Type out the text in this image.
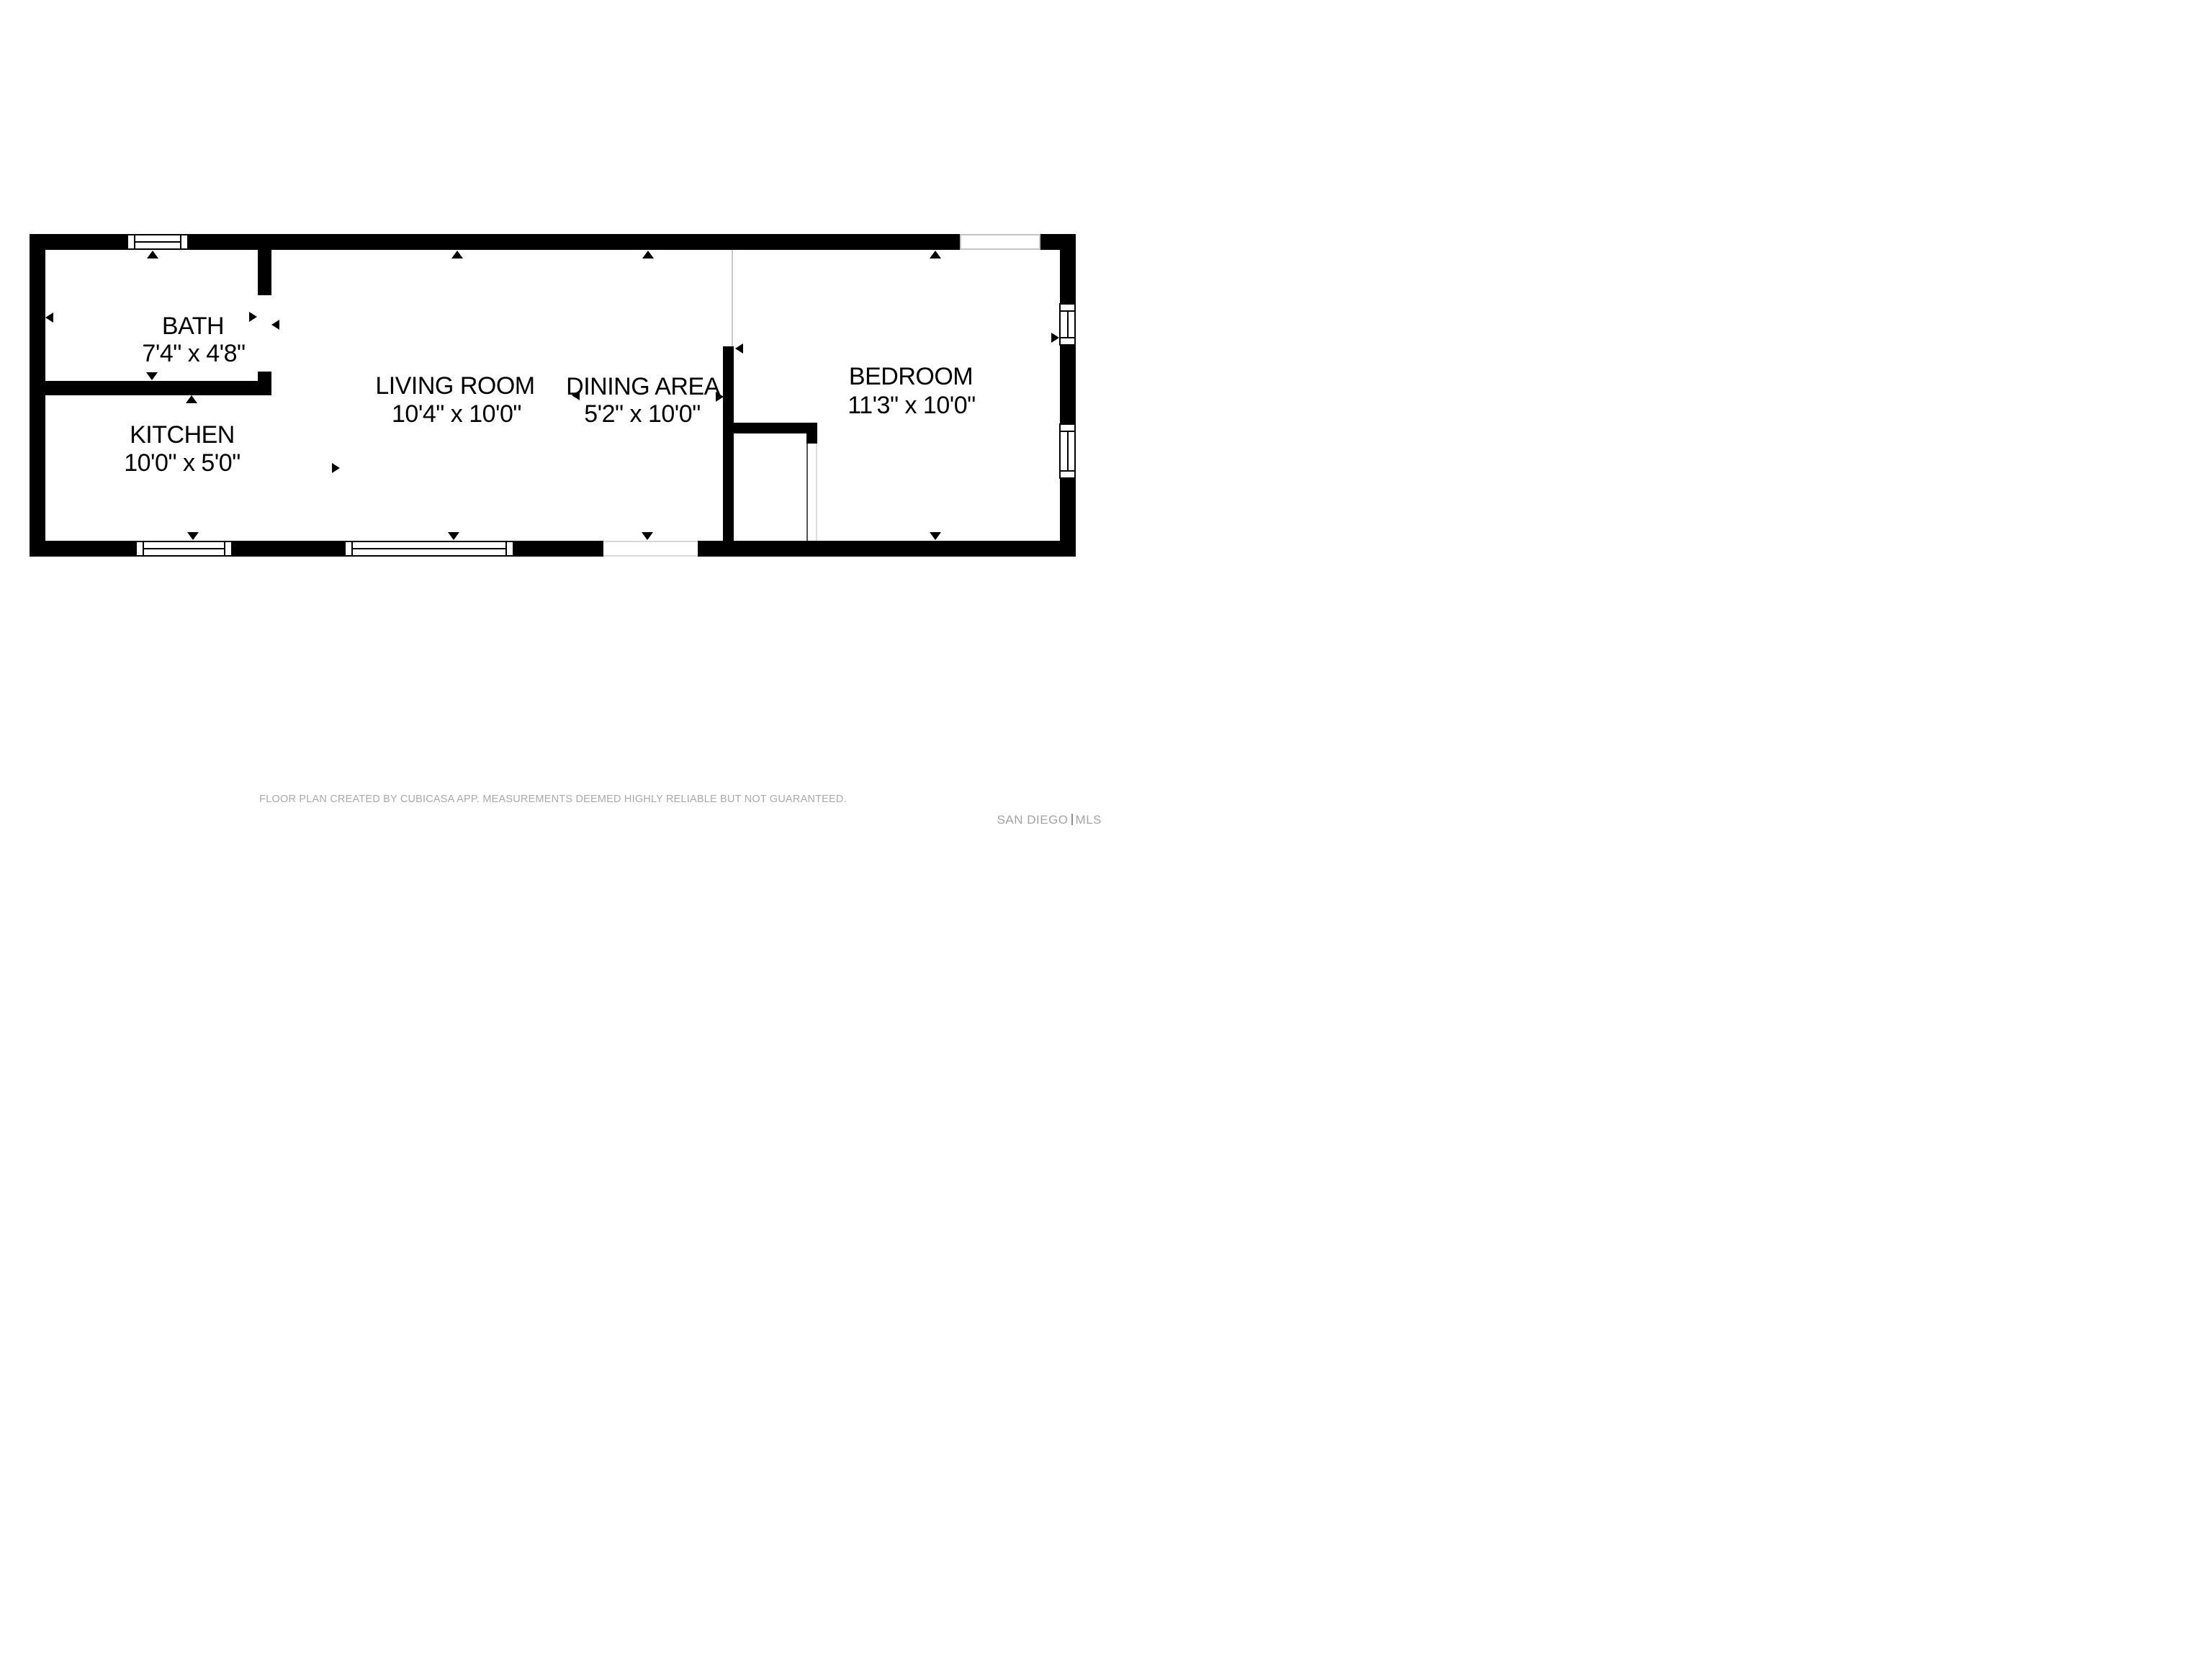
BATH
7'4" x 4'8"
KITCHEN
10'0" x 5'0"
LIVING ROOM
10'4" x 10'0"
DINING AREA
5'2" x 10'0"
BEDROOM
11'3" x 10'0"
FLOOR PLAN CREATED BY CUBICASA APP. MEASUREMENTS DEEMED HIGHLY RELIABLE BUT NOT GUARANTEED.
SAN DIEGO MLS
